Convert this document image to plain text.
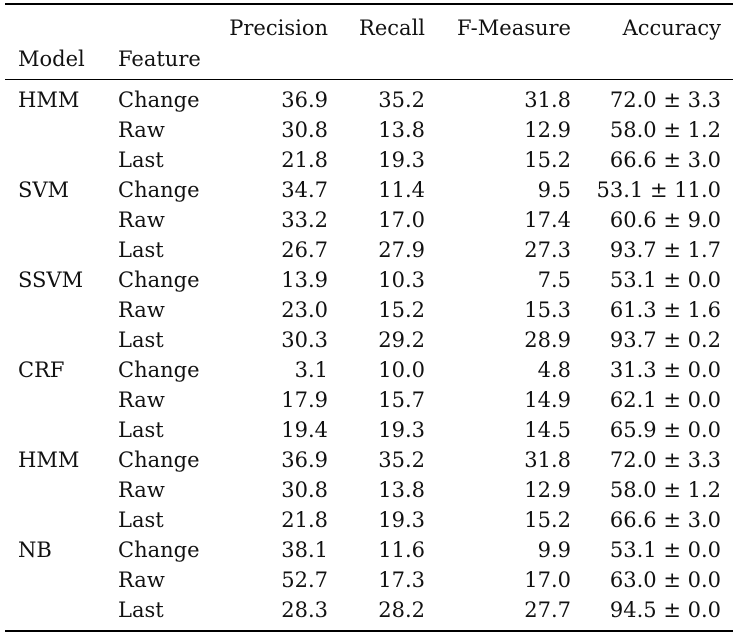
Precision Recall F-Measure Accuracy
Model Feature
HMM Change	36.9 35.2	31.8 72.0 ± 3.3
Raw	30.8 13.8	12.9 58.0 ± 1.2
Last	21.8 19.3	15.2 66.6 ± 3.0
SVM Change	34.7 11.4	9.5 53.1 ± 11.0
Raw	33.2 17.0	17.4 60.6 ± 9.0
Last	26.7 27.9	27.3 93.7 ± 1.7
SSVM Change	13.9 10.3	7.5 53.1 ± 0.0
Raw	23.0 15.2	15.3 61.3 ± 1.6
Last	30.3 29.2	28.9 93.7 ± 0.2
CRF	Change	3.1 10.0	4.8 31.3 ± 0.0
Raw	17.9 15.7	14.9 62.1 ± 0.0
Last	19.4 19.3	14.5 65.9 ± 0.0
HMM Change	36.9 35.2	31.8 72.0 ± 3.3
Raw	30.8 13.8	12.9 58.0 ± 1.2
Last	21.8 19.3	15.2 66.6 ± 3.0
NB	Change	38.1 11.6	9.9 53.1 ± 0.0
Raw	52.7 17.3	17.0 63.0 ± 0.0
Last	28.3 28.2	27.7 94.5 ± 0.0
